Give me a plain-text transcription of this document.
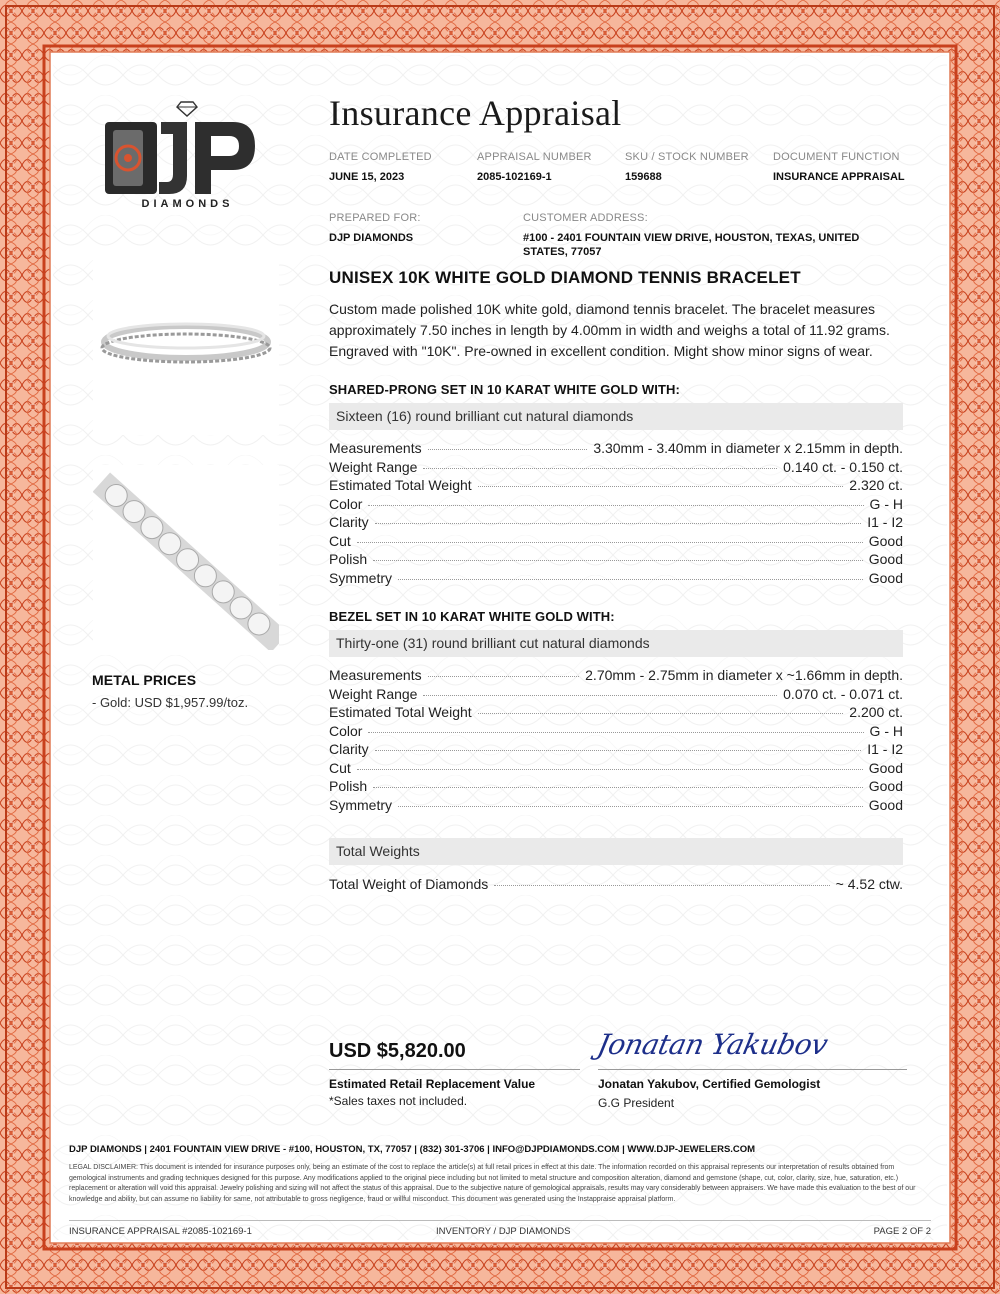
DIAMONDS
METAL PRICES
- Gold: USD $1,957.99/toz.
Insurance Appraisal
DATE COMPLETED
JUNE 15, 2023
APPRAISAL NUMBER
2085-102169-1
SKU / STOCK NUMBER
159688
DOCUMENT FUNCTION
INSURANCE APPRAISAL
PREPARED FOR:
DJP DIAMONDS
CUSTOMER ADDRESS:
#100 - 2401 FOUNTAIN VIEW DRIVE, HOUSTON, TEXAS, UNITED STATES, 77057
UNISEX 10K WHITE GOLD DIAMOND TENNIS BRACELET
Custom made polished 10K white gold, diamond tennis bracelet. The bracelet measures approximately 7.50 inches in length by 4.00mm in width and weighs a total of 11.92 grams. Engraved with "10K". Pre-owned in excellent condition. Might show minor signs of wear.
SHARED-PRONG SET IN 10 KARAT WHITE GOLD WITH:
Sixteen (16) round brilliant cut natural diamonds
Measurements	3.30mm - 3.40mm in diameter x 2.15mm in depth.
Weight Range	0.140 ct. - 0.150 ct.
Estimated Total Weight	2.320 ct.
Color	G - H
Clarity	I1 - I2
Cut	Good
Polish	Good
Symmetry	Good
BEZEL SET IN 10 KARAT WHITE GOLD WITH:
Thirty-one (31) round brilliant cut natural diamonds
Measurements	2.70mm - 2.75mm in diameter x ~1.66mm in depth.
Weight Range	0.070 ct. - 0.071 ct.
Estimated Total Weight	2.200 ct.
Color	G - H
Clarity	I1 - I2
Cut	Good
Polish	Good
Symmetry	Good
Total Weights
Total Weight of Diamonds	~ 4.52 ctw.
USD $5,820.00
Estimated Retail Replacement Value
*Sales taxes not included.
Jonatan Yakubov
Jonatan Yakubov, Certified Gemologist
G.G President
DJP DIAMONDS | 2401 FOUNTAIN VIEW DRIVE - #100, HOUSTON, TX, 77057 | (832) 301-3706 | INFO@DJPDIAMONDS.COM | WWW.DJP-JEWELERS.COM
LEGAL DISCLAIMER: This document is intended for insurance purposes only, being an estimate of the cost to replace the article(s) at full retail prices in effect at this date. The information recorded on this appraisal represents our interpretation of results obtained from gemological instruments and grading techniques designed for this purpose. Any modifications applied to the original piece including but not limited to metal structure and composition alteration, diamond and gemstone (shape, cut, color, clarity, size, hue, saturation, etc.) replacement or alteration will void this appraisal. Jewelry polishing and sizing will not affect the status of this appraisal. Due to the subjective nature of gemological appraisals, results may vary considerably between appraisers. We have made this evaluation to the best of our knowledge and ability, but can assume no liability for same, not attributable to gross negligence, fraud or willful misconduct. This document was generated using the Instappraise appraisal platform.
INSURANCE APPRAISAL #2085-102169-1	INVENTORY / DJP DIAMONDS	PAGE 2 OF 2
